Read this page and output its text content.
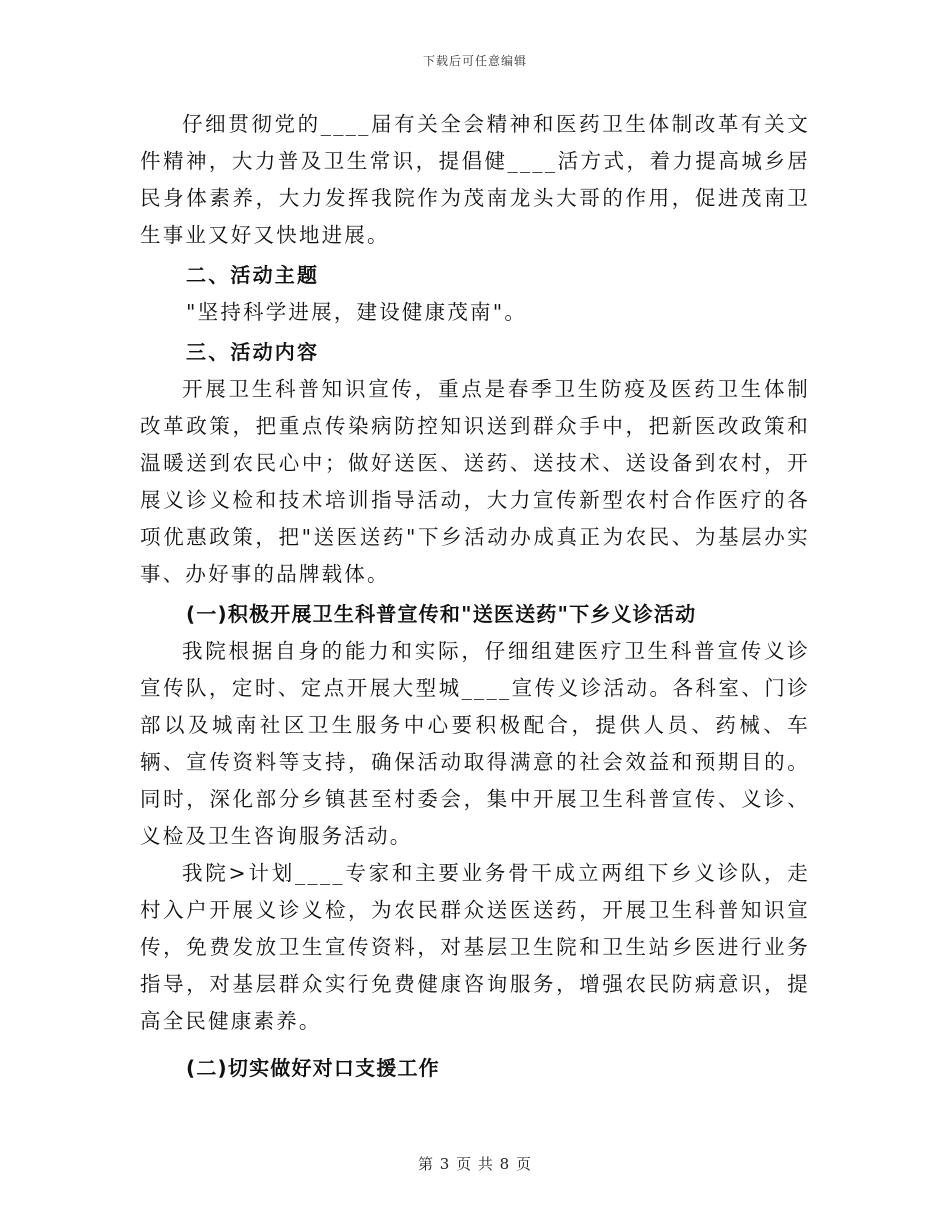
下载后可任意编辑

仔细贯彻党的____届有关全会精神和医药卫生体制改革有关文件精神，大力普及卫生常识，提倡健____活方式，着力提高城乡居民身体素养，大力发挥我院作为茂南龙头大哥的作用，促进茂南卫生事业又好又快地进展。

二、活动主题

"坚持科学进展，建设健康茂南"。

三、活动内容

开展卫生科普知识宣传，重点是春季卫生防疫及医药卫生体制改革政策，把重点传染病防控知识送到群众手中，把新医改政策和温暖送到农民心中；做好送医、送药、送技术、送设备到农村，开展义诊义检和技术培训指导活动，大力宣传新型农村合作医疗的各项优惠政策，把"送医送药"下乡活动办成真正为农民、为基层办实事、办好事的品牌载体。

(一)积极开展卫生科普宣传和"送医送药"下乡义诊活动

我院根据自身的能力和实际，仔细组建医疗卫生科普宣传义诊宣传队，定时、定点开展大型城____宣传义诊活动。各科室、门诊部以及城南社区卫生服务中心要积极配合，提供人员、药械、车辆、宣传资料等支持，确保活动取得满意的社会效益和预期目的。同时，深化部分乡镇甚至村委会，集中开展卫生科普宣传、义诊、义检及卫生咨询服务活动。

我院>计划____专家和主要业务骨干成立两组下乡义诊队，走村入户开展义诊义检，为农民群众送医送药，开展卫生科普知识宣传，免费发放卫生宣传资料，对基层卫生院和卫生站乡医进行业务指导，对基层群众实行免费健康咨询服务，增强农民防病意识，提高全民健康素养。

(二)切实做好对口支援工作

第 3 页 共 8 页
